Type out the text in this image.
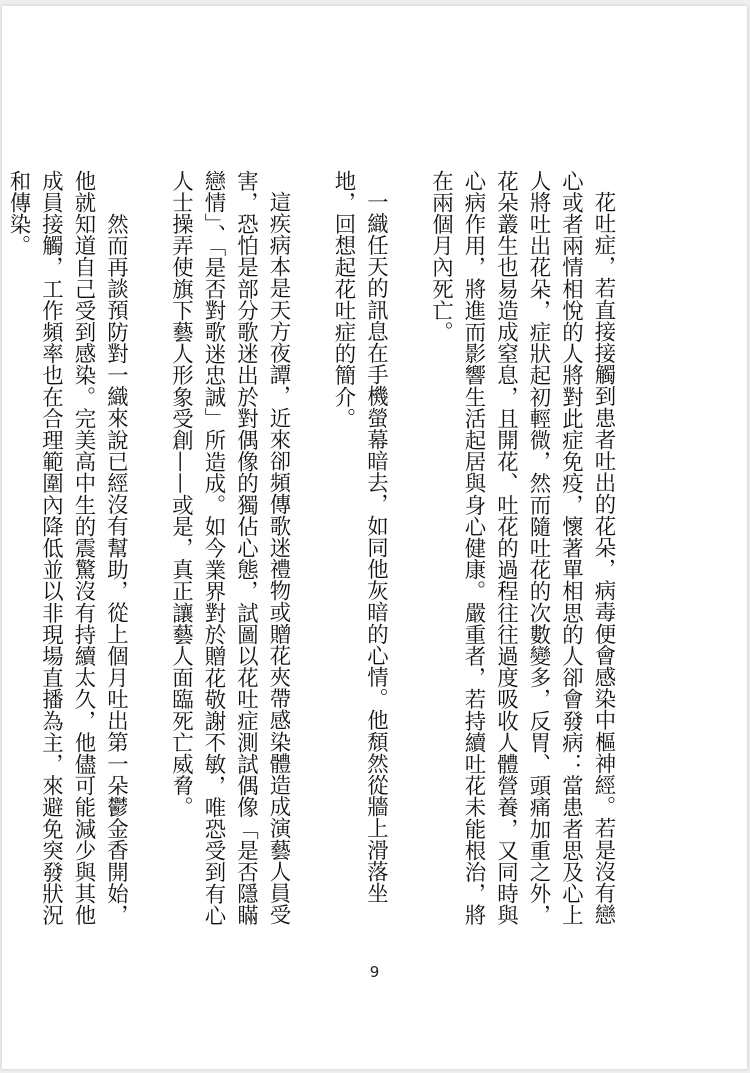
花吐症，若直接接觸到患者吐出的花朵，病毒便會感染中樞神經。若是沒有戀心或者兩情相悅的人將對此症免疫，懷著單相思的人卻會發病：當患者思及心上人將吐出花朵，症狀起初輕微，然而隨吐花的次數變多，反胃、頭痛加重之外，花朵叢生也易造成窒息，且開花、吐花的過程往往過度吸收人體營養，又同時與心病作用，將進而影響生活起居與身心健康。嚴重者，若持續吐花未能根治，將在兩個月內死亡。

一織任天的訊息在手機螢幕暗去，如同他灰暗的心情。他頹然從牆上滑落坐地，回想起花吐症的簡介。

這疾病本是天方夜譚，近來卻頻傳歌迷禮物或贈花夾帶感染體造成演藝人員受害，恐怕是部分歌迷出於對偶像的獨佔心態，試圖以花吐症測試偶像「是否隱瞞戀情」、「是否對歌迷忠誠」所造成。如今業界對於贈花敬謝不敏，唯恐受到有心人士操弄使旗下藝人形象受創——或是，真正讓藝人面臨死亡威脅。

然而再談預防對一織來說已經沒有幫助，從上個月吐出第一朵鬱金香開始，他就知道自己受到感染。完美高中生的震驚沒有持續太久，他儘可能減少與其他成員接觸，工作頻率也在合理範圍內降低並以非現場直播為主，來避免突發狀況和傳染。

9
